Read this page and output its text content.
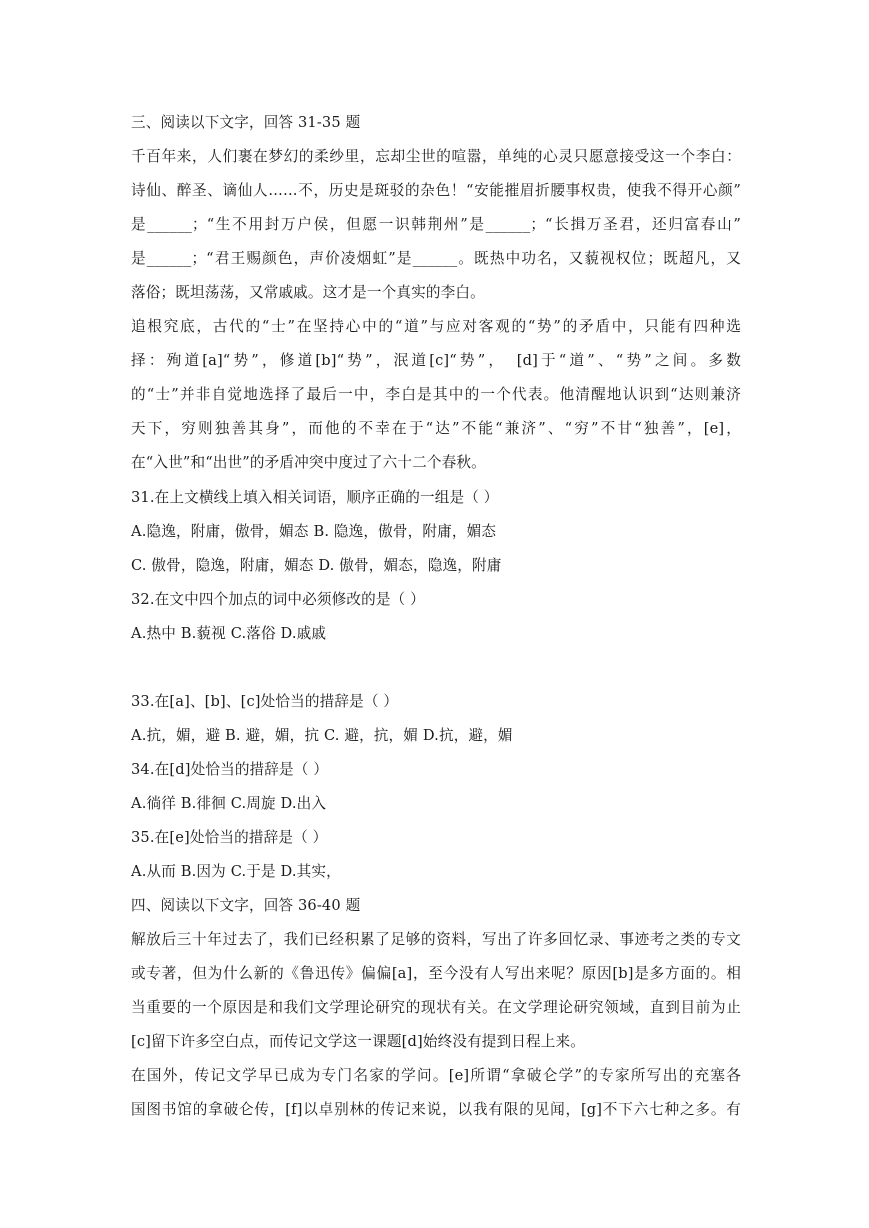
三、阅读以下文字，回答 31-35 题
千百年来，人们裹在梦幻的柔纱里，忘却尘世的喧嚣，单纯的心灵只愿意接受这一个李白：
诗仙、醉圣、谪仙人……不，历史是斑驳的杂色！“安能摧眉折腰事权贵，使我不得开心颜”
是______；“生不用封万户侯，但愿一识韩荆州”是______；“长揖万圣君，还归富春山”
是______；“君王赐颜色，声价凌烟虹”是______。既热中功名，又藐视权位；既超凡，又
落俗；既坦荡荡，又常戚戚。这才是一个真实的李白。
追根究底，古代的“士”在坚持心中的“道”与应对客观的“势”的矛盾中，只能有四种选
择：殉道[a]“势”，修道[b]“势”，泯道[c]“势”，　[d]于“道”、“势”之间。多数
的“士”并非自觉地选择了最后一中，李白是其中的一个代表。他清醒地认识到“达则兼济
天下，穷则独善其身”，而他的不幸在于“达”不能“兼济”、“穷”不甘“独善”，[e]，
在“入世”和“出世”的矛盾冲突中度过了六十二个春秋。
31.在上文横线上填入相关词语，顺序正确的一组是（ ）
A.隐逸，附庸，傲骨，媚态 B. 隐逸，傲骨，附庸，媚态
C. 傲骨，隐逸，附庸，媚态 D. 傲骨，媚态，隐逸，附庸
32.在文中四个加点的词中必须修改的是（ ）
A.热中 B.藐视 C.落俗 D.戚戚
33.在[a]、[b]、[c]处恰当的措辞是（ ）
A.抗，媚，避 B. 避，媚，抗 C. 避，抗，媚 D.抗，避，媚
34.在[d]处恰当的措辞是（ ）
A.徜徉 B.徘徊 C.周旋 D.出入
35.在[e]处恰当的措辞是（ ）
A.从而 B.因为 C.于是 D.其实，
四、阅读以下文字，回答 36-40 题
解放后三十年过去了，我们已经积累了足够的资料，写出了许多回忆录、事迹考之类的专文
或专著，但为什么新的《鲁迅传》偏偏[a]，至今没有人写出来呢？原因[b]是多方面的。相
当重要的一个原因是和我们文学理论研究的现状有关。在文学理论研究领域，直到目前为止
[c]留下许多空白点，而传记文学这一课题[d]始终没有提到日程上来。
在国外，传记文学早已成为专门名家的学问。[e]所谓“拿破仑学”的专家所写出的充塞各
国图书馆的拿破仑传，[f]以卓别林的传记来说，以我有限的见闻，[g]不下六七种之多。有
